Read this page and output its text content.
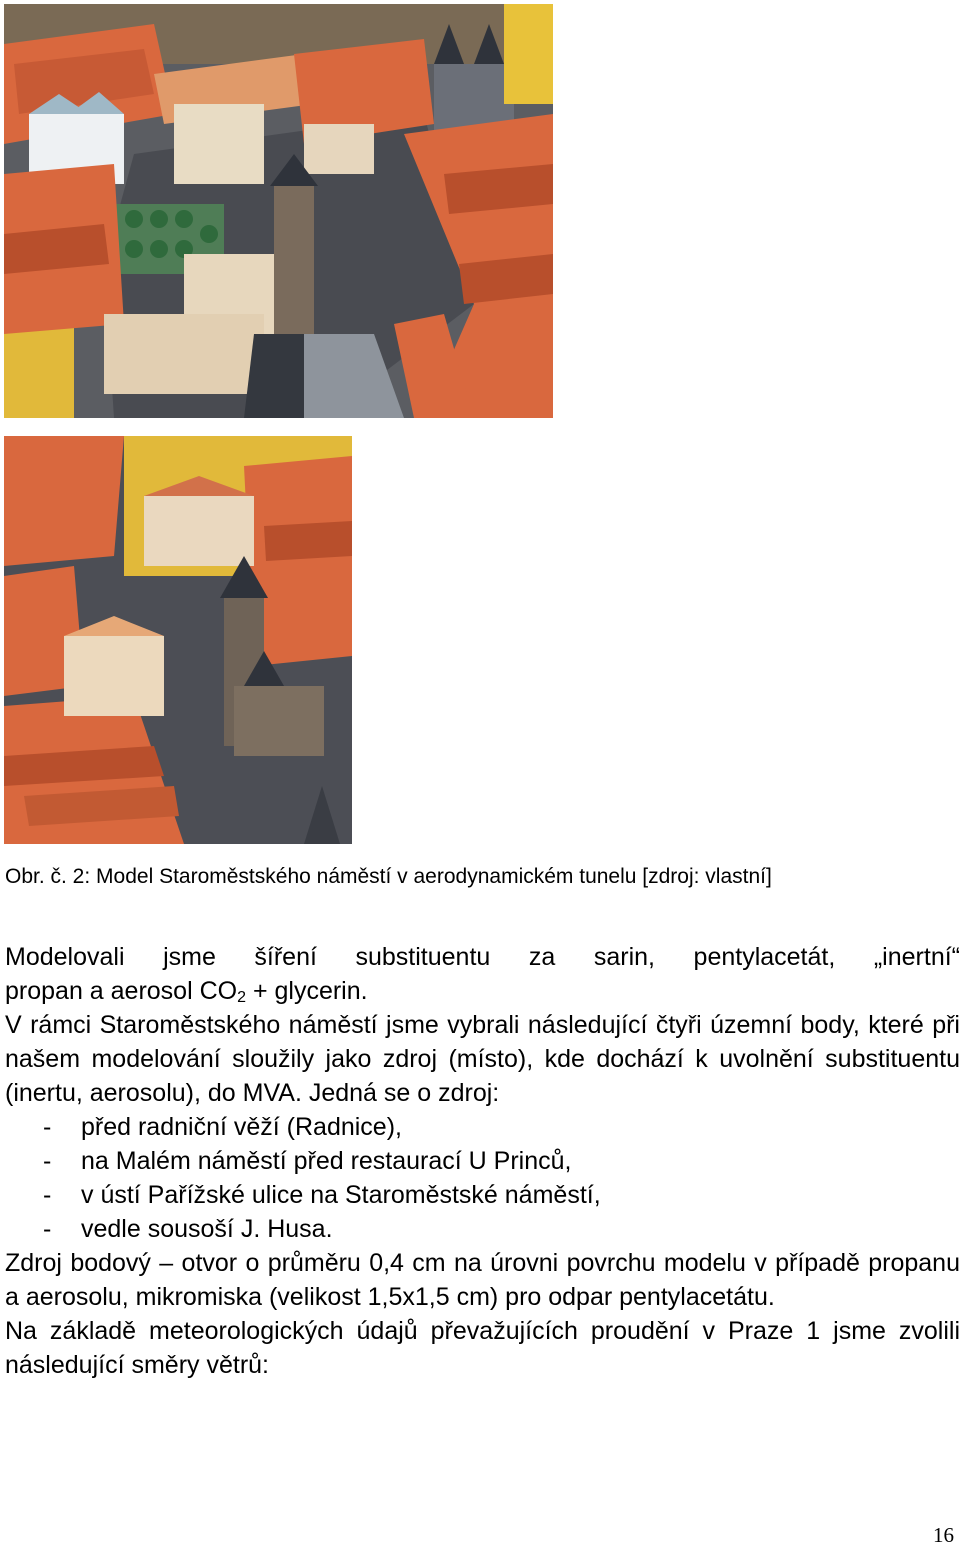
Obr. č. 2: Model Staroměstského náměstí v aerodynamickém tunelu [zdroj: vlastní]

Modelovali jsme šíření substituentu za sarin, pentylacetát, „inertní“

propan a aerosol $CO_2$ + glycerin.

V rámci Staroměstského náměstí jsme vybrali následující čtyři územní body, které při našem modelování sloužily jako zdroj (místo), kde dochází k uvolnění substituentu (inertu, aerosolu), do MVA. Jedná se o zdroj:

- před radniční věží (Radnice),
- na Malém náměstí před restaurací U Princů,
- v ústí Pařížské ulice na Staroměstské náměstí,
- vedle sousoší J. Husa.

Zdroj bodový – otvor o průměru 0,4 cm na úrovni povrchu modelu v případě propanu a aerosolu, mikromiska (velikost 1,5x1,5 cm) pro odpar pentylacetátu.

Na základě meteorologických údajů převažujících proudění v Praze 1 jsme zvolili následující směry větrů:

16
